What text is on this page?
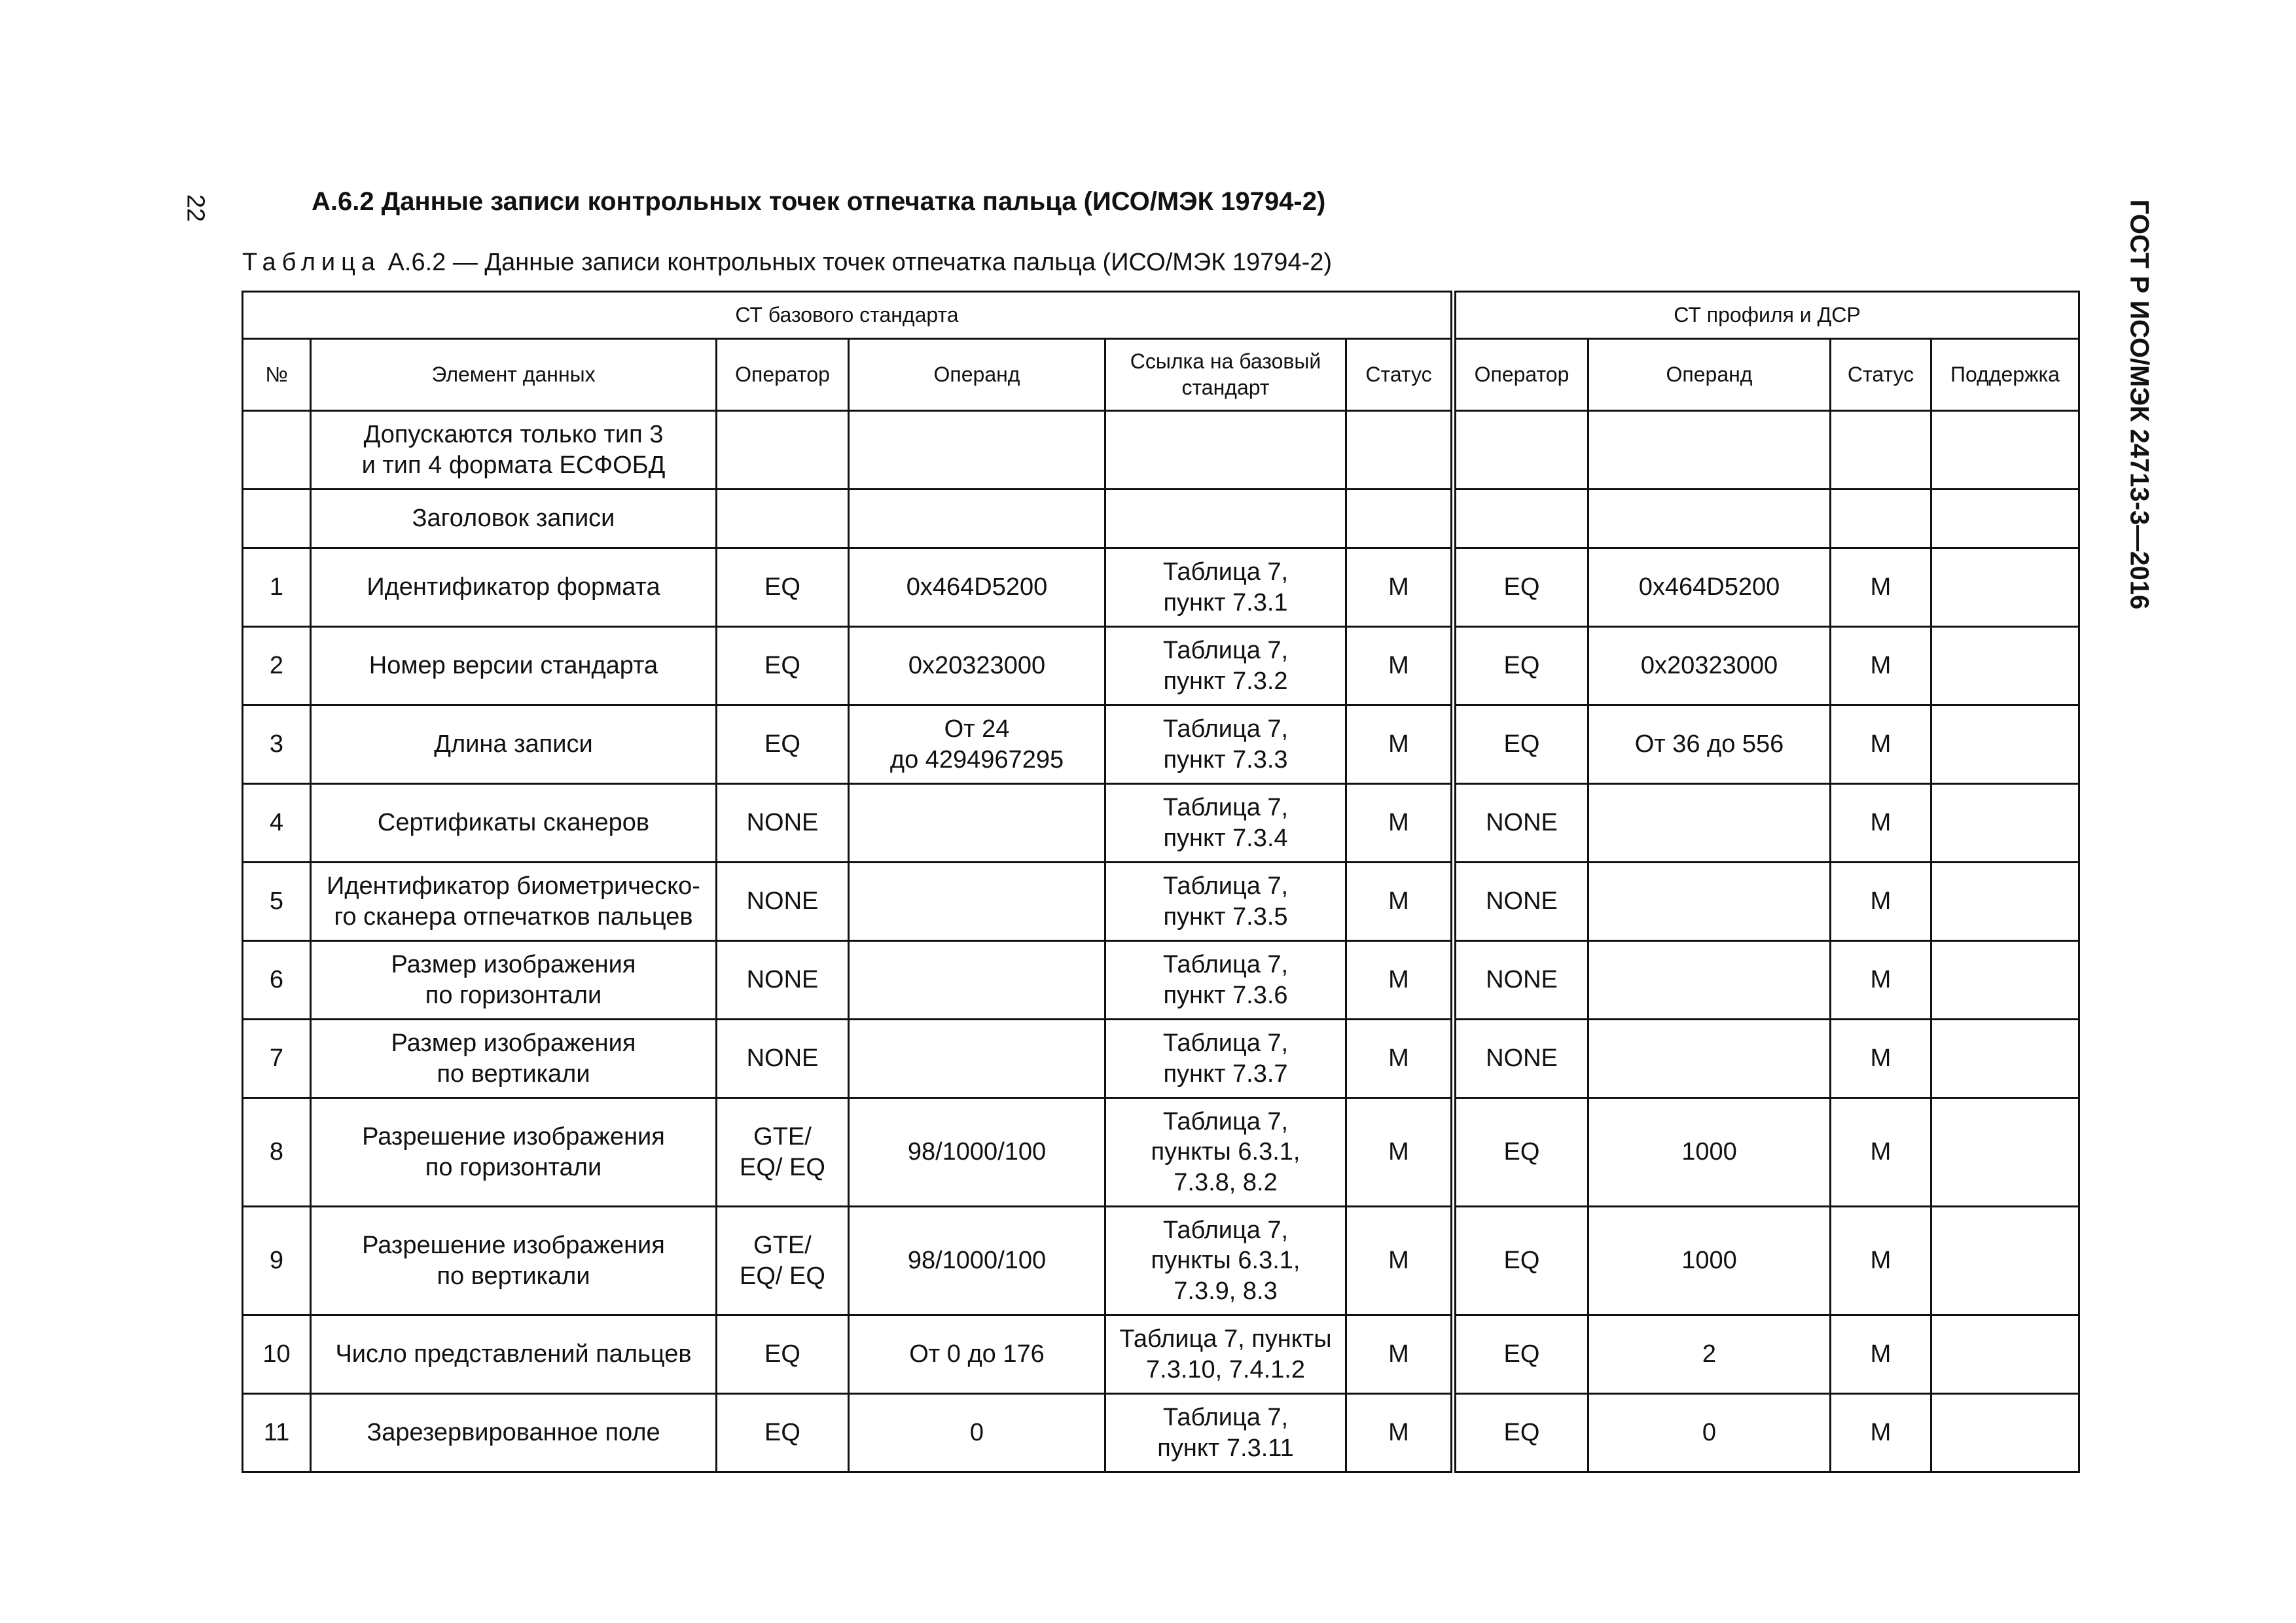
22	ГОСТ Р ИСО/МЭК 24713-3—2016
А.6.2 Данные записи контрольных точек отпечатка пальца (ИСО/МЭК 19794-2)
Таблица А.6.2 — Данные записи контрольных точек отпечатка пальца (ИСО/МЭК 19794-2)
СТ базового стандарта						СТ профиля и ДСР			
№	Элемент данных	Оператор	Операнд	Ссылка на базовый стандарт	Статус	Оператор	Операнд	Статус	Поддержка
	Допускаются только тип 3
и тип 4 формата ЕСФОБД								
	Заголовок записи								
1	Идентификатор формата	EQ	0x464D5200	Таблица 7,
пункт 7.3.1	M	EQ	0x464D5200	M	
2	Номер версии стандарта	EQ	0x20323000	Таблица 7,
пункт 7.3.2	M	EQ	0x20323000	M	
3	Длина записи	EQ	От 24
до 4294967295	Таблица 7,
пункт 7.3.3	M	EQ	От 36 до 556	M	
4	Сертификаты сканеров	NONE		Таблица 7,
пункт 7.3.4	M	NONE		M	
5	Идентификатор биометрическо-
го сканера отпечатков пальцев	NONE		Таблица 7,
пункт 7.3.5	M	NONE		M	
6	Размер изображения
по горизонтали	NONE		Таблица 7,
пункт 7.3.6	M	NONE		M	
7	Размер изображения
по вертикали	NONE		Таблица 7,
пункт 7.3.7	M	NONE		M	
8	Разрешение изображения
по горизонтали	GTE/
EQ/ EQ	98/1000/100	Таблица 7,
пункты 6.3.1,
7.3.8, 8.2	M	EQ	1000	M	
9	Разрешение изображения
по вертикали	GTE/
EQ/ EQ	98/1000/100	Таблица 7,
пункты 6.3.1,
7.3.9, 8.3	M	EQ	1000	M	
10	Число представлений пальцев	EQ	От 0 до 176	Таблица 7, пункты
7.3.10, 7.4.1.2	M	EQ	2	M	
11	Зарезервированное поле	EQ	0	Таблица 7,
пункт 7.3.11	M	EQ	0	M	
